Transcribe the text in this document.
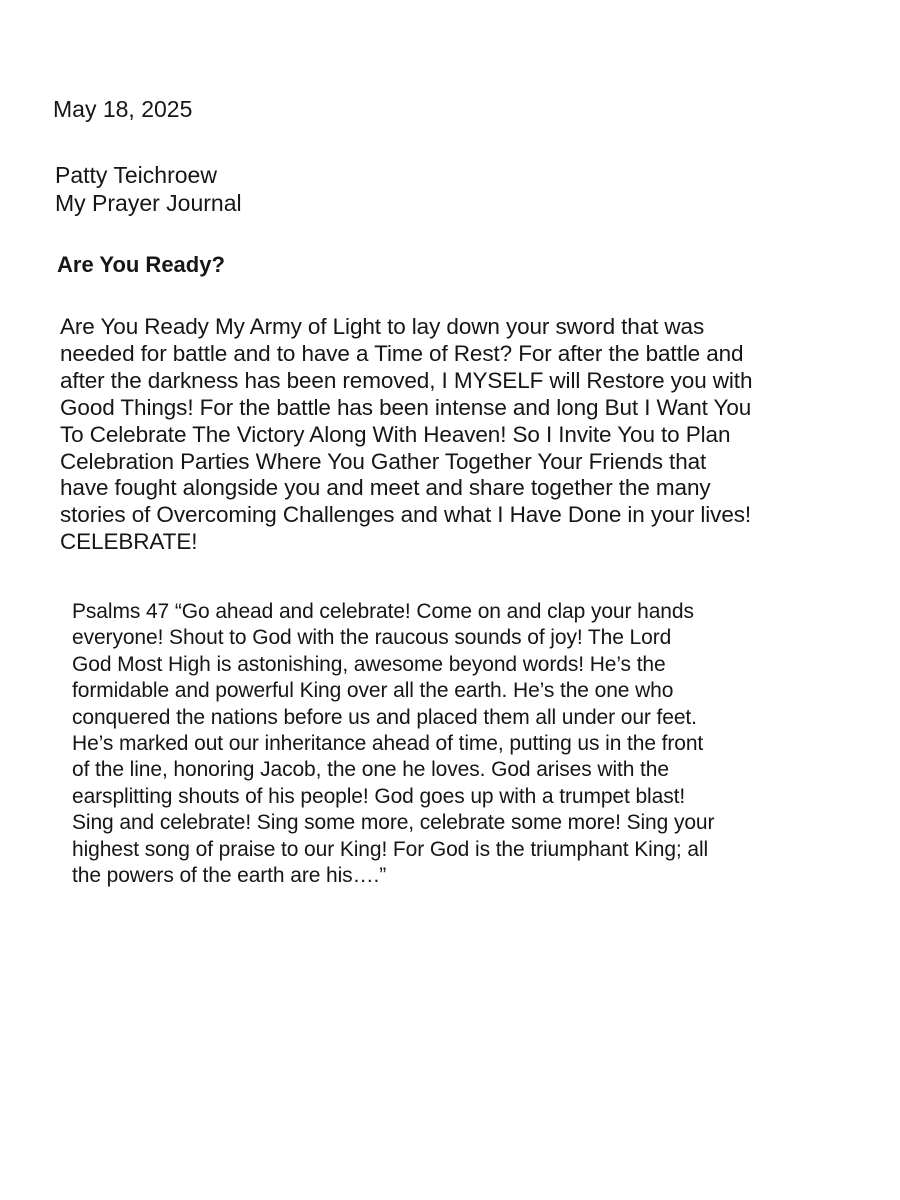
May 18, 2025
Patty Teichroew
My Prayer Journal
Are You Ready?
Are You Ready My Army of Light to lay down your sword that was
needed for battle and to have a Time of Rest? For after the battle and
after the darkness has been removed, I MYSELF will Restore you with
Good Things! For the battle has been intense and long But I Want You
To Celebrate The Victory Along With Heaven! So I Invite You to Plan
Celebration Parties Where You Gather Together Your Friends that
have fought alongside you and meet and share together the many
stories of Overcoming Challenges and what I Have Done in your lives!
CELEBRATE!
Psalms 47 “Go ahead and celebrate! Come on and clap your hands
everyone! Shout to God with the raucous sounds of joy! The Lord
God Most High is astonishing, awesome beyond words! He’s the
formidable and powerful King over all the earth. He’s the one who
conquered the nations before us and placed them all under our feet.
He’s marked out our inheritance ahead of time, putting us in the front
of the line, honoring Jacob, the one he loves. God arises with the
earsplitting shouts of his people! God goes up with a trumpet blast!
Sing and celebrate! Sing some more, celebrate some more! Sing your
highest song of praise to our King! For God is the triumphant King; all
the powers of the earth are his….”
